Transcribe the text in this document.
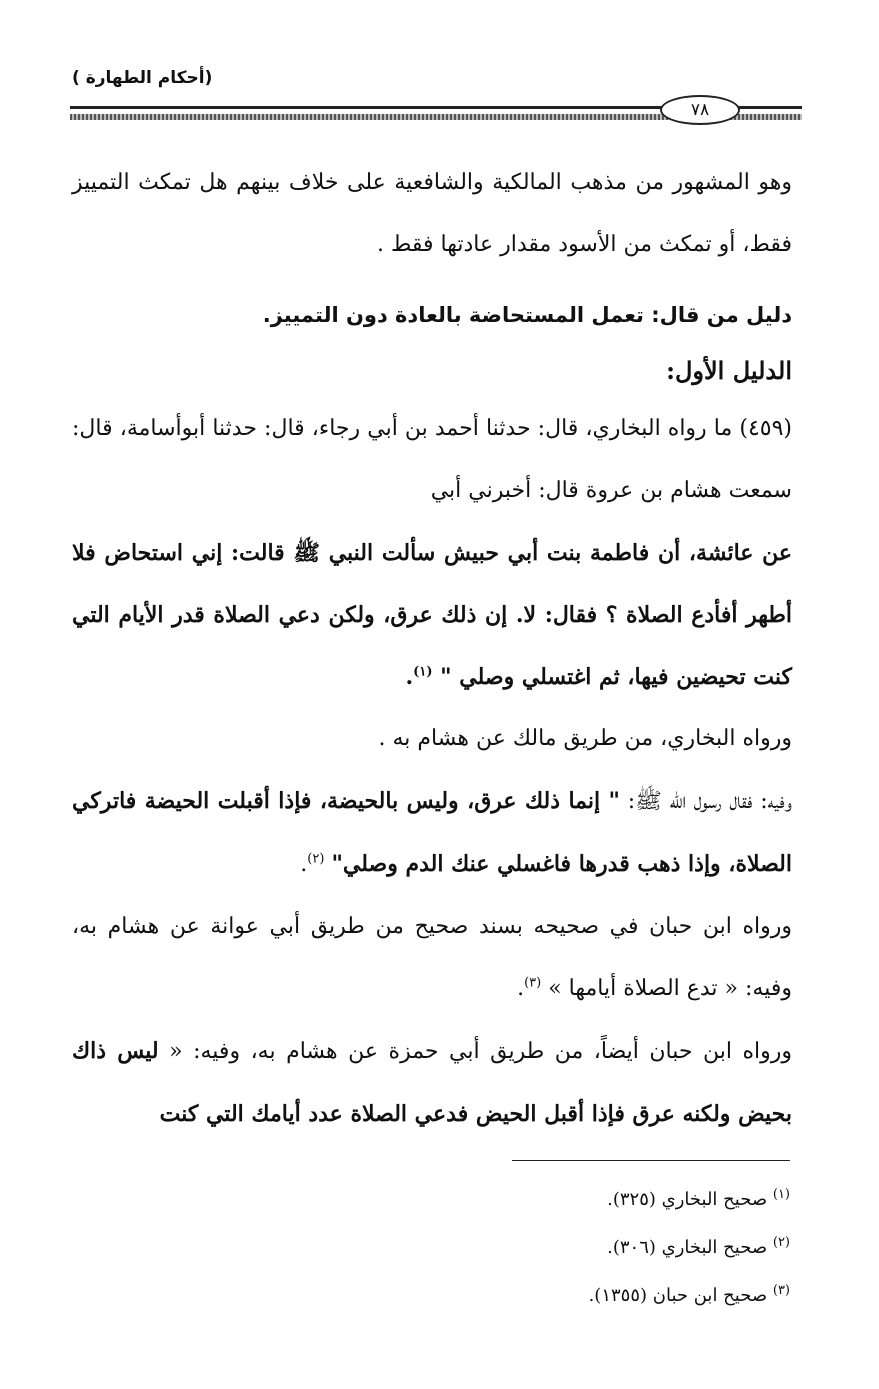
(أحكام الطهارة )
٧٨

وهو المشهور من مذهب المالكية والشافعية على خلاف بينهم هل تمكث التمييز فقط، أو تمكث من الأسود مقدار عادتها فقط .

دليل من قال: تعمل المستحاضة بالعادة دون التمييز.

الدليل الأول:

(٤٥٩) ما رواه البخاري، قال: حدثنا أحمد بن أبي رجاء، قال: حدثنا أبوأسامة، قال: سمعت هشام بن عروة قال: أخبرني أبي

عن عائشة، أن فاطمة بنت أبي حبيش سألت النبي ﷺ قالت: إني استحاض فلا أطهر أفأدع الصلاة ؟ فقال: لا. إن ذلك عرق، ولكن دعي الصلاة قدر الأيام التي كنت تحيضين فيها، ثم اغتسلي وصلي " $^{(١)}$.

ورواه البخاري، من طريق مالك عن هشام به .

وفيه: فقال رسول الله ﷺ: " إنما ذلك عرق، وليس بالحيضة، فإذا أقبلت الحيضة فاتركي الصلاة، وإذا ذهب قدرها فاغسلي عنك الدم وصلي" $^{(٢)}$.

ورواه ابن حبان في صحيحه بسند صحيح من طريق أبي عوانة عن هشام به، وفيه: « تدع الصلاة أيامها » $^{(٣)}$.

ورواه ابن حبان أيضاً، من طريق أبي حمزة عن هشام به، وفيه: « ليس ذاك بحيض ولكنه عرق فإذا أقبل الحيض فدعي الصلاة عدد أيامك التي كنت

$^{(١)}$ صحيح البخاري (٣٢٥).

$^{(٢)}$ صحيح البخاري (٣٠٦).

$^{(٣)}$ صحيح ابن حبان (١٣٥٥).
